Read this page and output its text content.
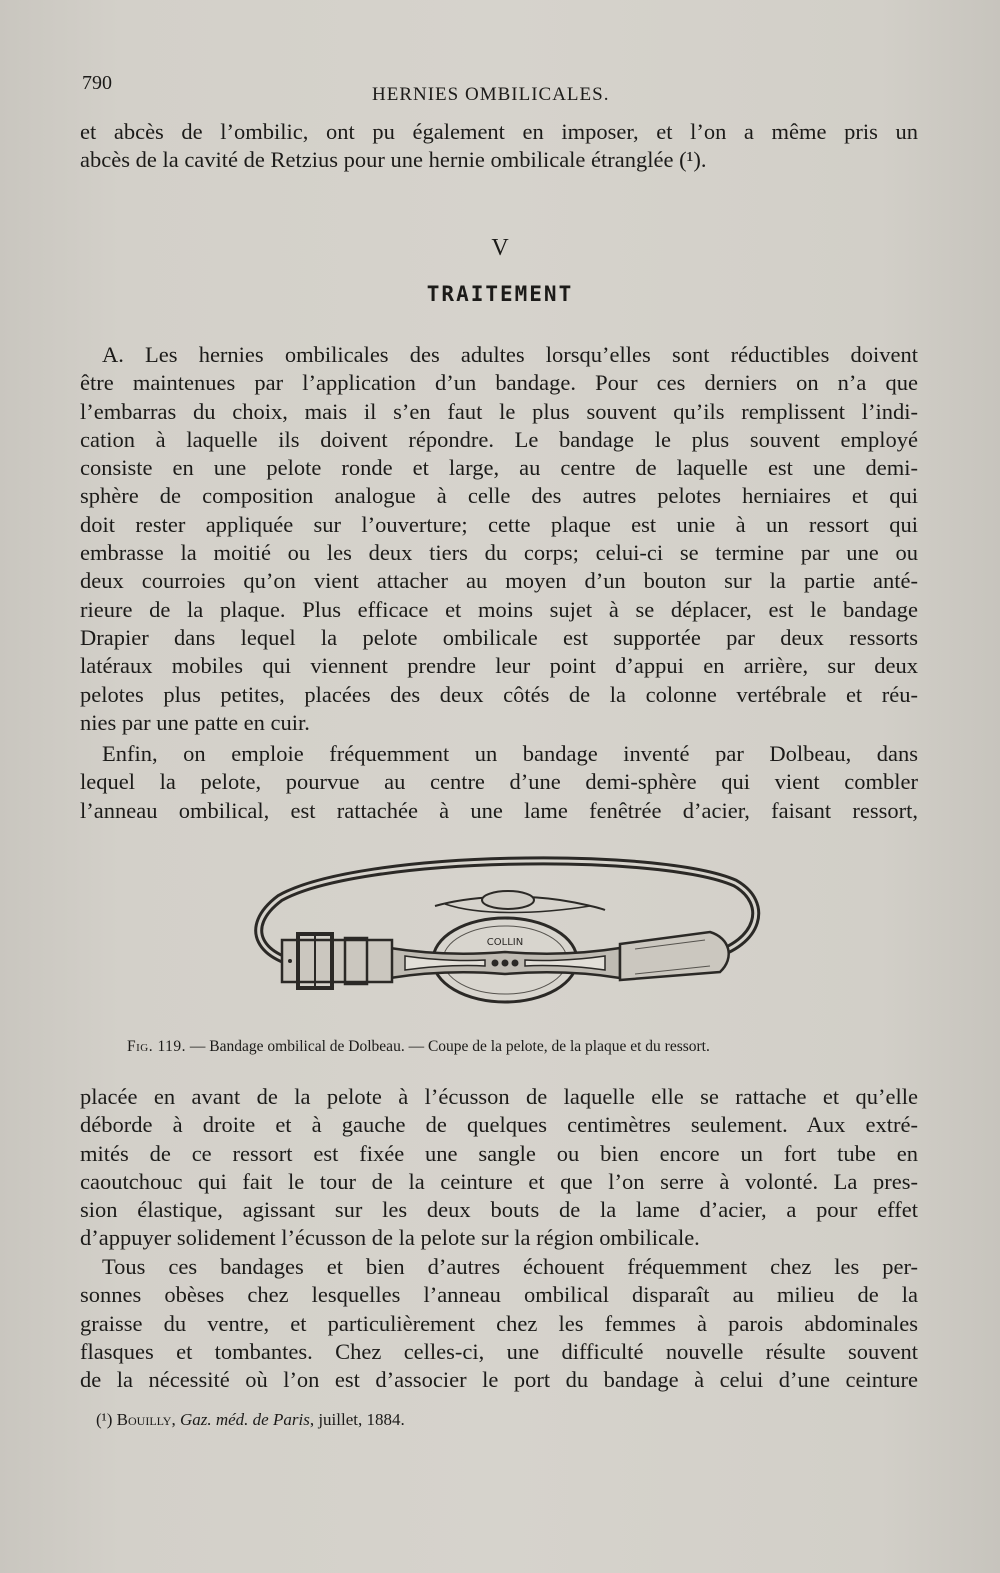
790
HERNIES OMBILICALES.
et abcès de l’ombilic, ont pu également en imposer, et l’on a même pris un
abcès de la cavité de Retzius pour une hernie ombilicale étranglée (¹).
V
TRAITEMENT
A. Les hernies ombilicales des adultes lorsqu’elles sont réductibles doivent
être maintenues par l’application d’un bandage. Pour ces derniers on n’a que
l’embarras du choix, mais il s’en faut le plus souvent qu’ils remplissent l’indi-
cation à laquelle ils doivent répondre. Le bandage le plus souvent employé
consiste en une pelote ronde et large, au centre de laquelle est une demi-
sphère de composition analogue à celle des autres pelotes herniaires et qui
doit rester appliquée sur l’ouverture; cette plaque est unie à un ressort qui
embrasse la moitié ou les deux tiers du corps; celui-ci se termine par une ou
deux courroies qu’on vient attacher au moyen d’un bouton sur la partie anté-
rieure de la plaque. Plus efficace et moins sujet à se déplacer, est le bandage
Drapier dans lequel la pelote ombilicale est supportée par deux ressorts
latéraux mobiles qui viennent prendre leur point d’appui en arrière, sur deux
pelotes plus petites, placées des deux côtés de la colonne vertébrale et réu-
nies par une patte en cuir.
Enfin, on emploie fréquemment un bandage inventé par Dolbeau, dans
lequel la pelote, pourvue au centre d’une demi-sphère qui vient combler
l’anneau ombilical, est rattachée à une lame fenêtrée d’acier, faisant ressort,
COLLIN
Fig. 119. — Bandage ombilical de Dolbeau. — Coupe de la pelote, de la plaque et du ressort.
placée en avant de la pelote à l’écusson de laquelle elle se rattache et qu’elle
déborde à droite et à gauche de quelques centimètres seulement. Aux extré-
mités de ce ressort est fixée une sangle ou bien encore un fort tube en
caoutchouc qui fait le tour de la ceinture et que l’on serre à volonté. La pres-
sion élastique, agissant sur les deux bouts de la lame d’acier, a pour effet
d’appuyer solidement l’écusson de la pelote sur la région ombilicale.
Tous ces bandages et bien d’autres échouent fréquemment chez les per-
sonnes obèses chez lesquelles l’anneau ombilical disparaît au milieu de la
graisse du ventre, et particulièrement chez les femmes à parois abdominales
flasques et tombantes. Chez celles-ci, une difficulté nouvelle résulte souvent
de la nécessité où l’on est d’associer le port du bandage à celui d’une ceinture
(¹) Bouilly, Gaz. méd. de Paris, juillet, 1884.
